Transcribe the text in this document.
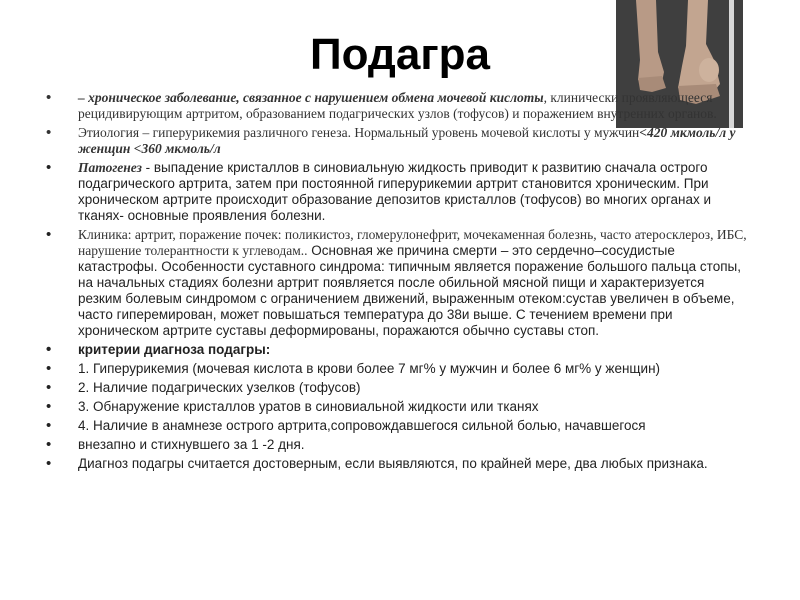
Подагра
• – хроническое заболевание, связанное с нарушением обмена мочевой кислоты, клинически проявляющееся рецидивирующим артритом, образованием подагрических узлов (тофусов) и поражением внутренних органов.
• Этиология – гиперурикемия различного генеза. Нормальный уровень мочевой кислоты у мужчин<420 мкмоль/л у женщин <360 мкмоль/л
• Патогенез - выпадение кристаллов в синовиальную жидкость приводит к развитию сначала острого подагрического артрита, затем при постоянной гиперурикемии артрит становится хроническим. При хроническом артрите происходит образование депозитов кристаллов (тофусов) во многих органах и тканях- основные проявления болезни.
• Клиника: артрит, поражение почек: поликистоз, гломерулонефрит, мочекаменная болезнь, часто атеросклероз, ИБС, нарушение толерантности к углеводам.. Основная же причина смерти – это сердечно–сосудистые катастрофы. Особенности суставного синдрома: типичным является поражение большого пальца стопы, на начальных стадиях болезни артрит появляется после обильной мясной пищи и характеризуется резким болевым синдромом с ограничением движений, выраженным отеком:сустав увеличен в объеме, часто гиперемирован, может повышаться температура до 38и выше. С течением времени при хроническом артрите суставы деформированы, поражаются обычно суставы стоп.
• критерии диагноза подагры:
• 1. Гиперурикемия (мочевая кислота в крови более 7 мг% у мужчин и более 6 мг% у женщин)
• 2. Наличие подагрических узелков (тофусов)
• 3. Обнаружение кристаллов уратов в синовиальной жидкости или тканях
• 4. Наличие в анамнезе острого артрита,сопровождавшегося сильной болью, начавшегося
• внезапно и стихнувшего за 1 -2 дня.
• Диагноз подагры считается достоверным, если выявляются, по крайней мере, два любых признака.
